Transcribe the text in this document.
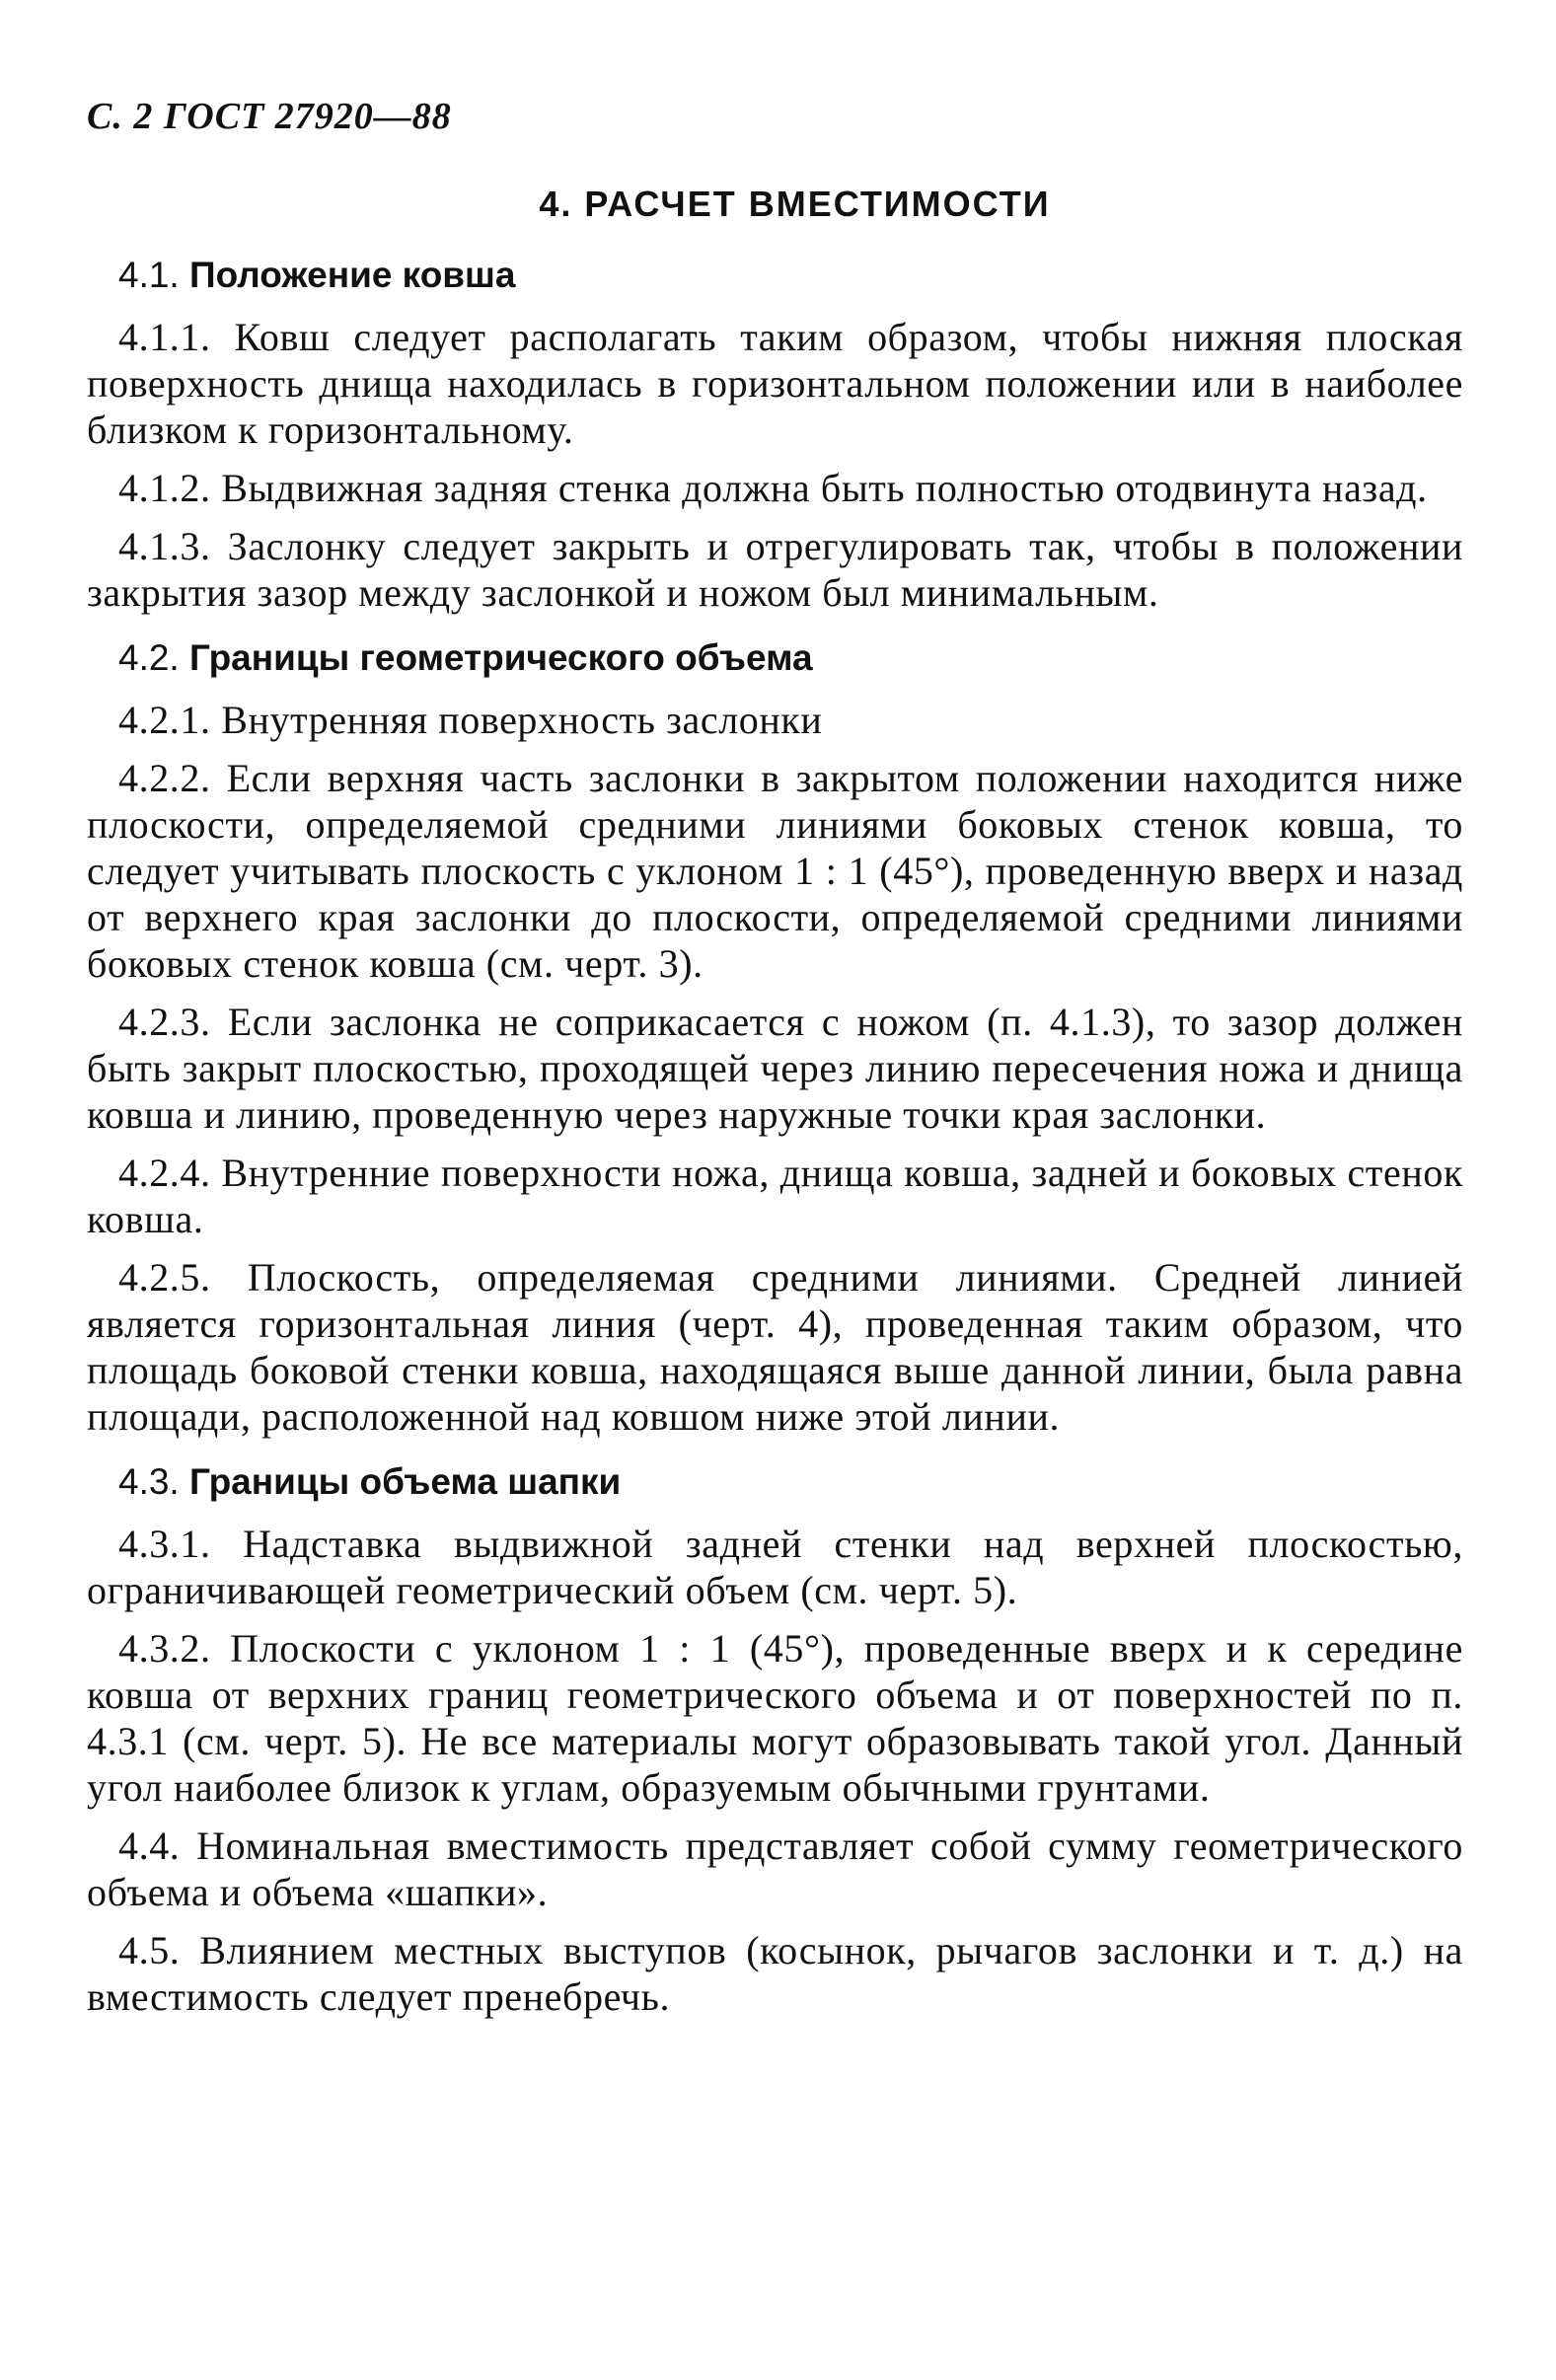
С. 2 ГОСТ 27920—88
4. РАСЧЕТ ВМЕСТИМОСТИ
4.1. Положение ковша

4.1.1. Ковш следует располагать таким образом, чтобы нижняя плоская поверхность днища находилась в горизонтальном положении или в наиболее близком к горизонтальному.

4.1.2. Выдвижная задняя стенка должна быть полностью отодвинута назад.

4.1.3. Заслонку следует закрыть и отрегулировать так, чтобы в положении закрытия зазор между заслонкой и ножом был минимальным.

4.2. Границы геометрического объема

4.2.1. Внутренняя поверхность заслонки

4.2.2. Если верхняя часть заслонки в закрытом положении находится ниже плоскости, определяемой средними линиями боковых стенок ковша, то следует учитывать плоскость с уклоном 1 : 1 (45°), проведенную вверх и назад от верхнего края заслонки до плоскости, определяемой средними линиями боковых стенок ковша (см. черт. 3).

4.2.3. Если заслонка не соприкасается с ножом (п. 4.1.3), то зазор должен быть закрыт плоскостью, проходящей через линию пересечения ножа и днища ковша и линию, проведенную через наружные точки края заслонки.

4.2.4. Внутренние поверхности ножа, днища ковша, задней и боковых стенок ковша.

4.2.5. Плоскость, определяемая средними линиями. Средней линией является горизонтальная линия (черт. 4), проведенная таким образом, что площадь боковой стенки ковша, находящаяся выше данной линии, была равна площади, расположенной над ковшом ниже этой линии.

4.3. Границы объема шапки

4.3.1. Надставка выдвижной задней стенки над верхней плоскостью, ограничивающей геометрический объем (см. черт. 5).

4.3.2. Плоскости с уклоном 1 : 1 (45°), проведенные вверх и к середине ковша от верхних границ геометрического объема и от поверхностей по п. 4.3.1 (см. черт. 5). Не все материалы могут образовывать такой угол. Данный угол наиболее близок к углам, образуемым обычными грунтами.

4.4. Номинальная вместимость представляет собой сумму геометрического объема и объема «шапки».

4.5. Влиянием местных выступов (косынок, рычагов заслонки и т. д.) на вместимость следует пренебречь.
